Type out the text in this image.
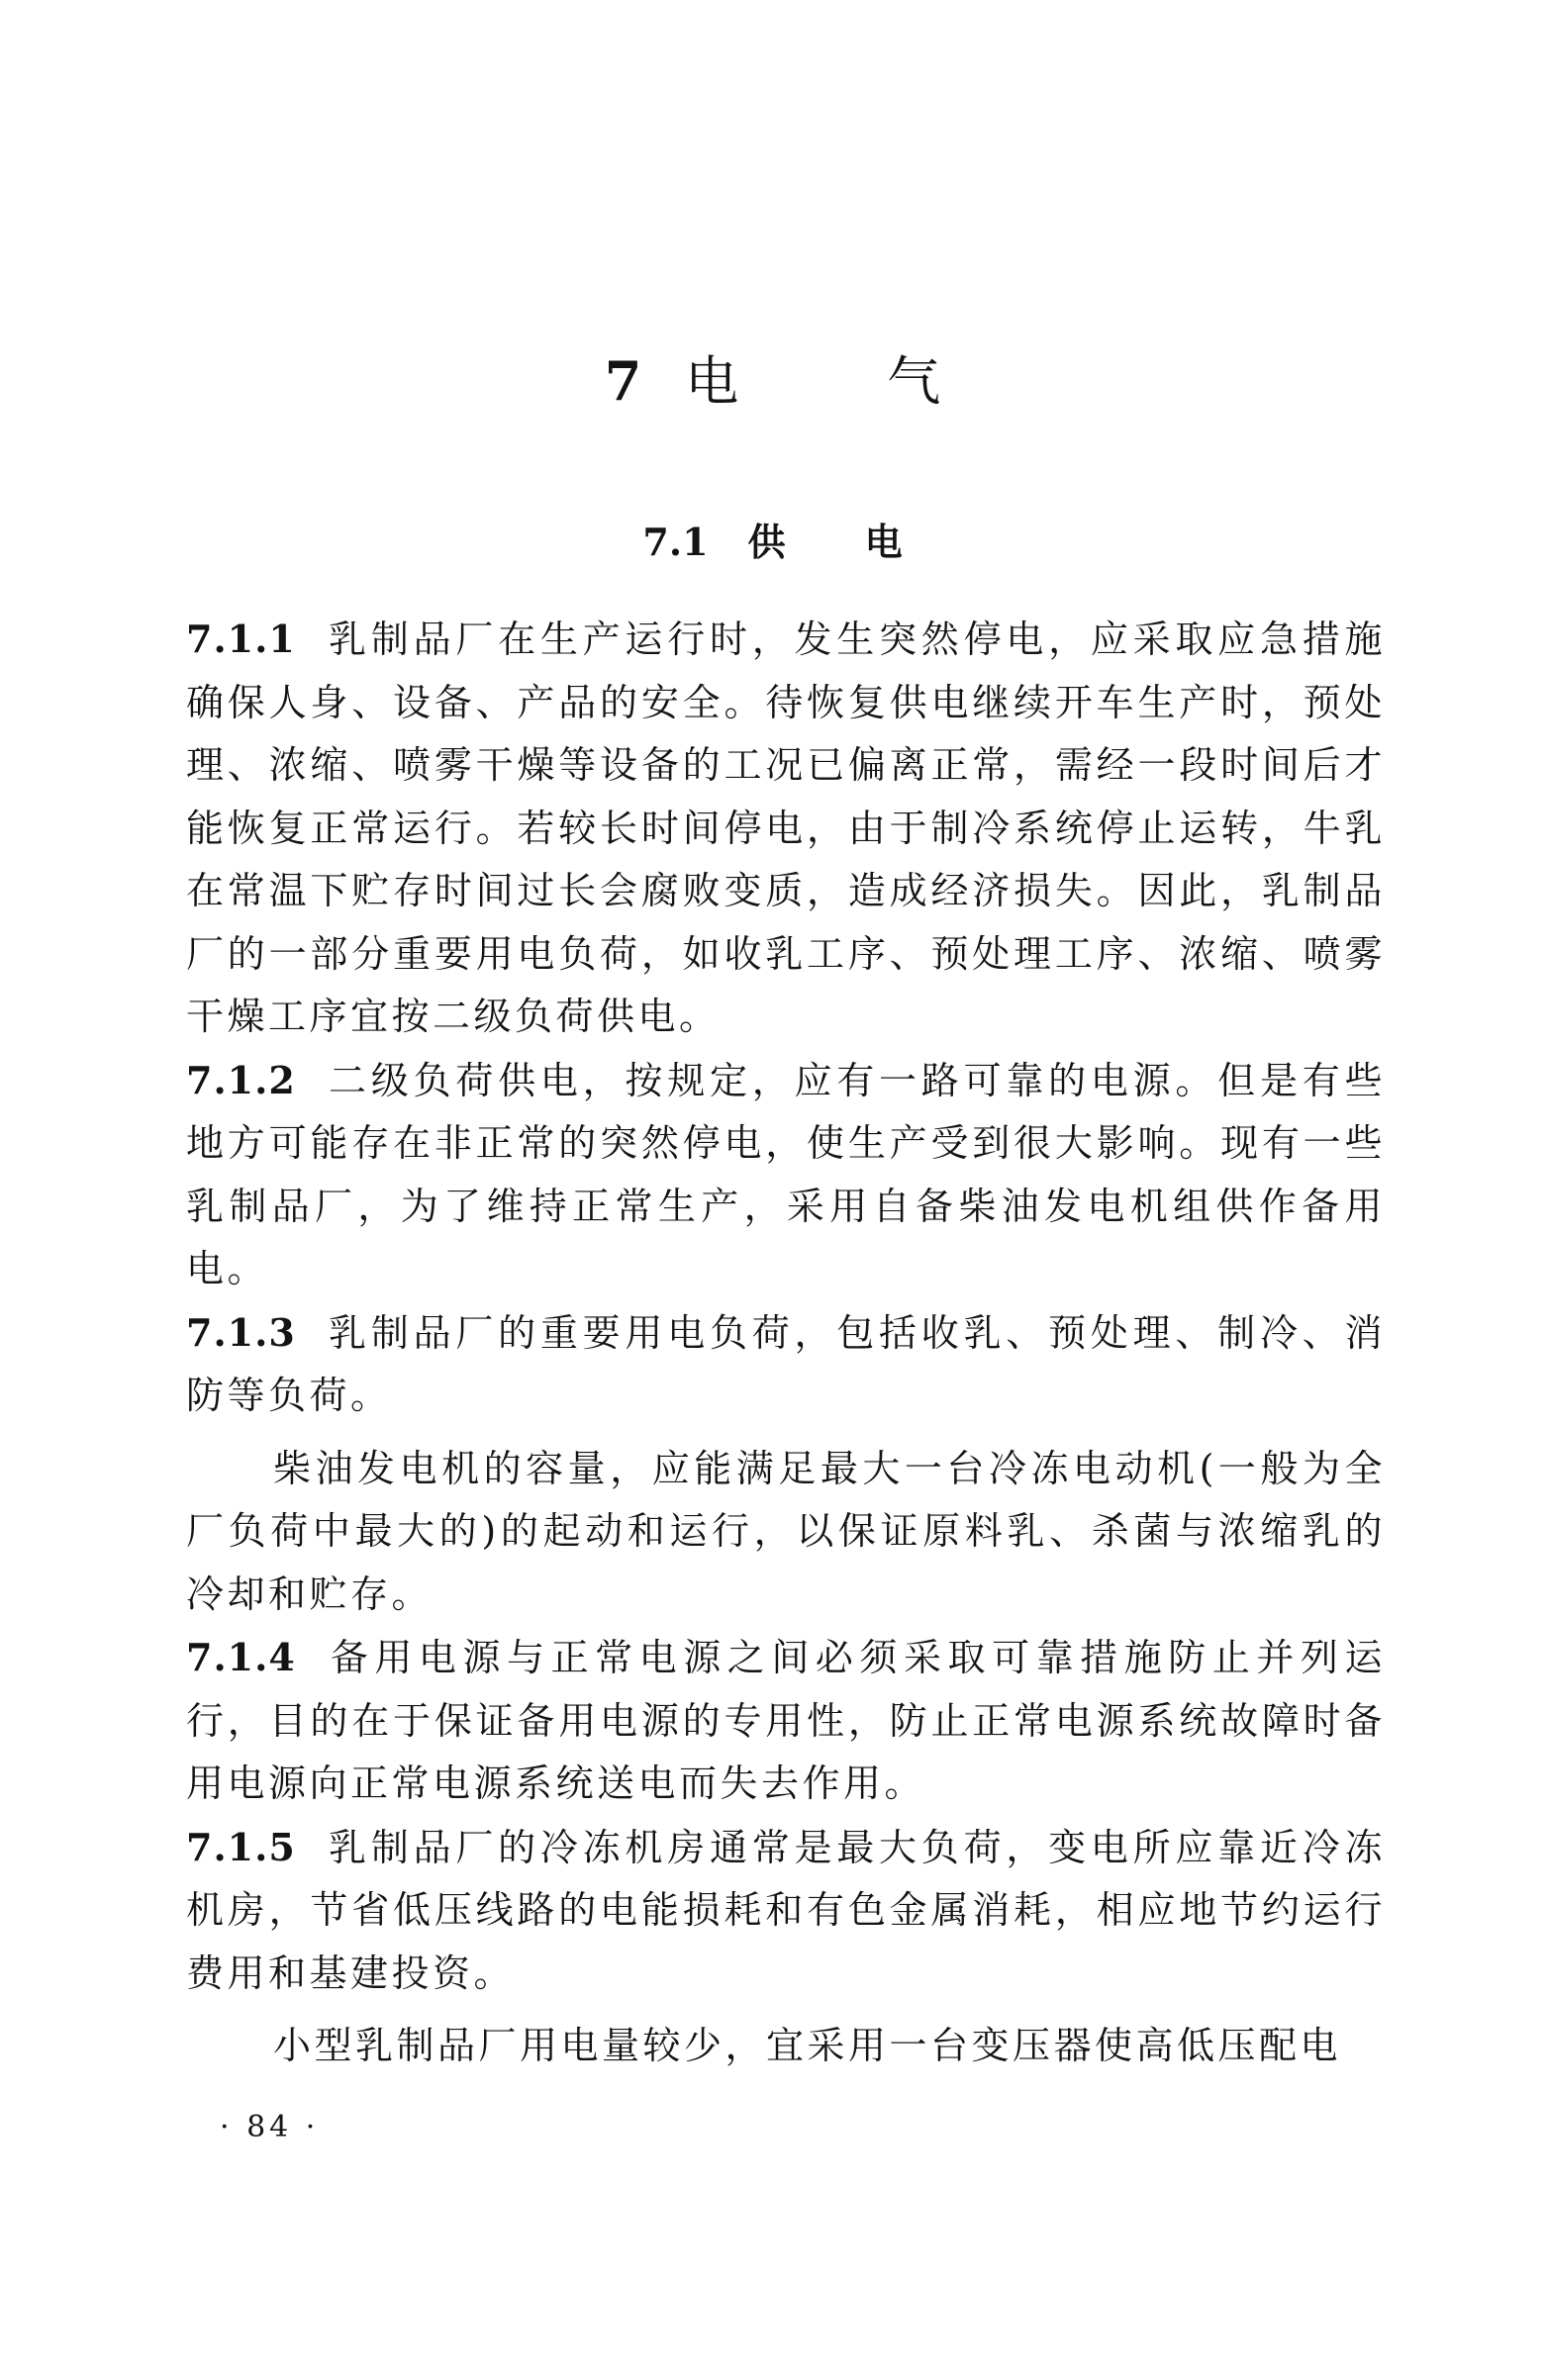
7 电	气
7.1 供 电

7.1.1 乳制品厂在生产运行时，发生突然停电，应采取应急措施确保人身、设备、产品的安全。待恢复供电继续开车生产时，预处理、浓缩、喷雾干燥等设备的工况已偏离正常，需经一段时间后才能恢复正常运行。若较长时间停电，由于制冷系统停止运转，牛乳在常温下贮存时间过长会腐败变质，造成经济损失。因此，乳制品厂的一部分重要用电负荷，如收乳工序、预处理工序、浓缩、喷雾干燥工序宜按二级负荷供电。

7.1.2 二级负荷供电，按规定，应有一路可靠的电源。但是有些地方可能存在非正常的突然停电，使生产受到很大影响。现有一些乳制品厂，为了维持正常生产，采用自备柴油发电机组供作备用电。

7.1.3 乳制品厂的重要用电负荷，包括收乳、预处理、制冷、消防等负荷。

柴油发电机的容量，应能满足最大一台冷冻电动机(一般为全厂负荷中最大的)的起动和运行，以保证原料乳、杀菌与浓缩乳的冷却和贮存。

7.1.4 备用电源与正常电源之间必须采取可靠措施防止并列运行，目的在于保证备用电源的专用性，防止正常电源系统故障时备用电源向正常电源系统送电而失去作用。

7.1.5 乳制品厂的冷冻机房通常是最大负荷，变电所应靠近冷冻机房，节省低压线路的电能损耗和有色金属消耗，相应地节约运行费用和基建投资。

小型乳制品厂用电量较少，宜采用一台变压器使高低压配电

· 84 ·
